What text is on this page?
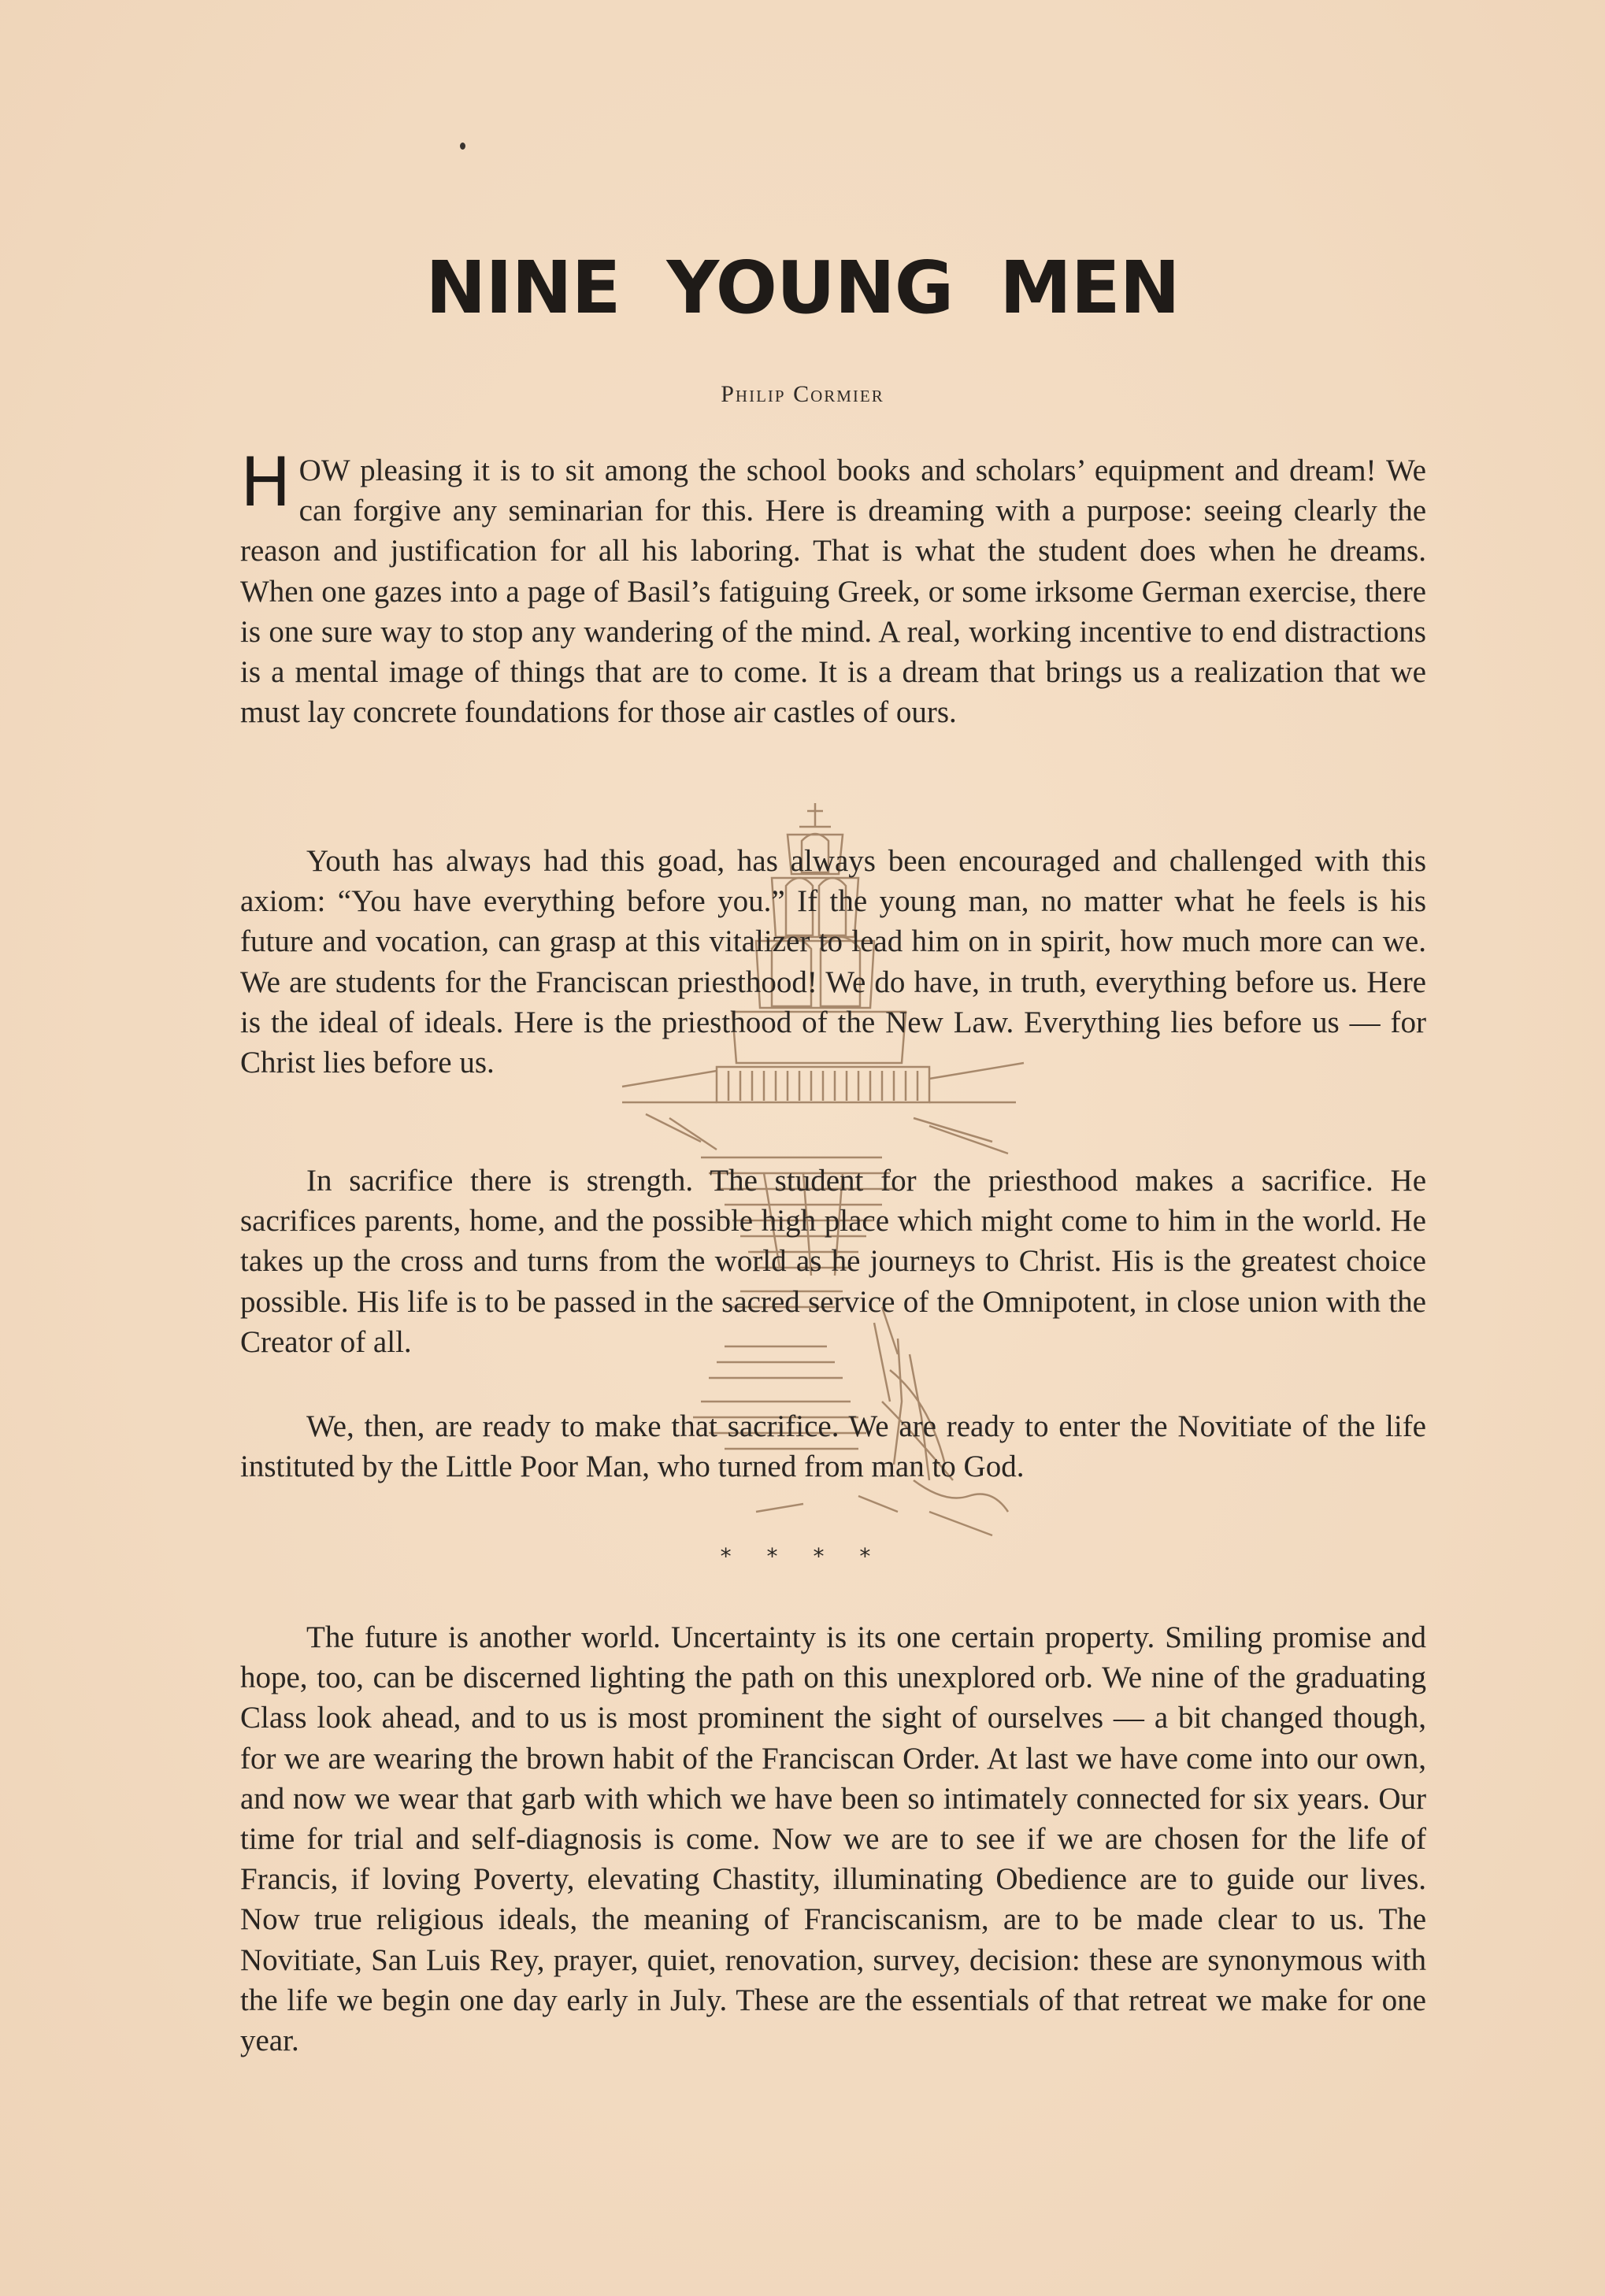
NINE YOUNG MEN
Philip Cormier

HOW pleasing it is to sit among the school books and scholars’ equipment and dream! We can forgive any seminarian for this. Here is dreaming with a purpose: seeing clearly the reason and justification for all his laboring. That is what the student does when he dreams. When one gazes into a page of Basil’s fatiguing Greek, or some irksome German exercise, there is one sure way to stop any wandering of the mind. A real, working incentive to end distractions is a mental image of things that are to come. It is a dream that brings us a realization that we must lay concrete foundations for those air castles of ours.

Youth has always had this goad, has always been encouraged and challenged with this axiom: “You have everything before you.” If the young man, no matter what he feels is his future and vocation, can grasp at this vitalizer to lead him on in spirit, how much more can we. We are students for the Franciscan priesthood! We do have, in truth, everything before us. Here is the ideal of ideals. Here is the priesthood of the New Law. Everything lies before us — for Christ lies before us.

In sacrifice there is strength. The student for the priesthood makes a sacrifice. He sacrifices parents, home, and the possible high place which might come to him in the world. He takes up the cross and turns from the world as he journeys to Christ. His is the greatest choice possible. His life is to be passed in the sacred service of the Omnipotent, in close union with the Creator of all.

We, then, are ready to make that sacrifice. We are ready to enter the Novitiate of the life instituted by the Little Poor Man, who turned from man to God.

* * * *

The future is another world. Uncertainty is its one certain property. Smiling promise and hope, too, can be discerned lighting the path on this unexplored orb. We nine of the graduating Class look ahead, and to us is most prominent the sight of ourselves — a bit changed though, for we are wearing the brown habit of the Franciscan Order. At last we have come into our own, and now we wear that garb with which we have been so intimately connected for six years. Our time for trial and self-diagnosis is come. Now we are to see if we are chosen for the life of Francis, if loving Poverty, elevating Chastity, illuminating Obedience are to guide our lives. Now true religious ideals, the meaning of Franciscanism, are to be made clear to us. The Novitiate, San Luis Rey, prayer, quiet, renovation, survey, decision: these are synonymous with the life we begin one day early in July. These are the essentials of that retreat we make for one year.
